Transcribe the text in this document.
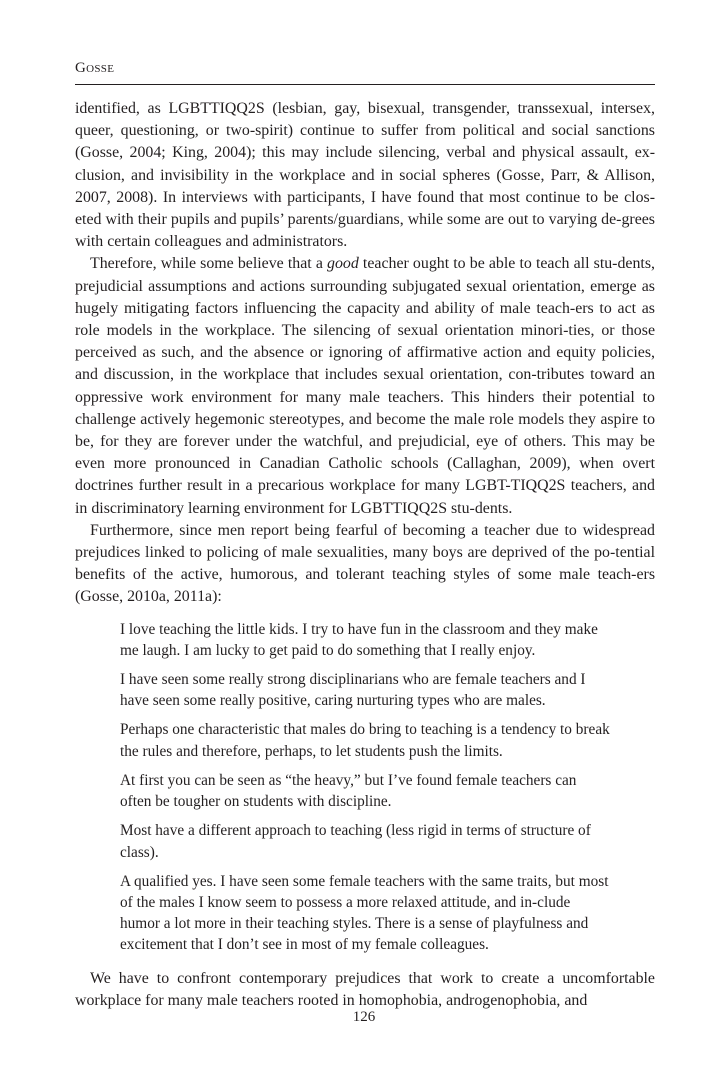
Gosse

identified, as LGBTTIQQ2S (lesbian, gay, bisexual, transgender, transsexual, intersex, queer, questioning, or two-spirit) continue to suffer from political and social sanctions (Gosse, 2004; King, 2004); this may include silencing, verbal and physical assault, ex-clusion, and invisibility in the workplace and in social spheres (Gosse, Parr, & Allison, 2007, 2008). In interviews with participants, I have found that most continue to be clos-eted with their pupils and pupils’ parents/guardians, while some are out to varying de-grees with certain colleagues and administrators.

Therefore, while some believe that a good teacher ought to be able to teach all stu-dents, prejudicial assumptions and actions surrounding subjugated sexual orientation, emerge as hugely mitigating factors influencing the capacity and ability of male teach-ers to act as role models in the workplace. The silencing of sexual orientation minori-ties, or those perceived as such, and the absence or ignoring of affirmative action and equity policies, and discussion, in the workplace that includes sexual orientation, con-tributes toward an oppressive work environment for many male teachers. This hinders their potential to challenge actively hegemonic stereotypes, and become the male role models they aspire to be, for they are forever under the watchful, and prejudicial, eye of others. This may be even more pronounced in Canadian Catholic schools (Callaghan, 2009), when overt doctrines further result in a precarious workplace for many LGBT-TIQQ2S teachers, and in discriminatory learning environment for LGBTTIQQ2S stu-dents.

Furthermore, since men report being fearful of becoming a teacher due to widespread prejudices linked to policing of male sexualities, many boys are deprived of the po-tential benefits of the active, humorous, and tolerant teaching styles of some male teach-ers (Gosse, 2010a, 2011a):

I love teaching the little kids. I try to have fun in the classroom and they make me laugh. I am lucky to get paid to do something that I really enjoy.

I have seen some really strong disciplinarians who are female teachers and I have seen some really positive, caring nurturing types who are males.

Perhaps one characteristic that males do bring to teaching is a tendency to break the rules and therefore, perhaps, to let students push the limits.

At first you can be seen as “the heavy,” but I’ve found female teachers can often be tougher on students with discipline.

Most have a different approach to teaching (less rigid in terms of structure of class).

A qualified yes. I have seen some female teachers with the same traits, but most of the males I know seem to possess a more relaxed attitude, and in-clude humor a lot more in their teaching styles. There is a sense of playfulness and excitement that I don’t see in most of my female colleagues.

We have to confront contemporary prejudices that work to create a uncomfortable workplace for many male teachers rooted in homophobia, androgenophobia, and

126
